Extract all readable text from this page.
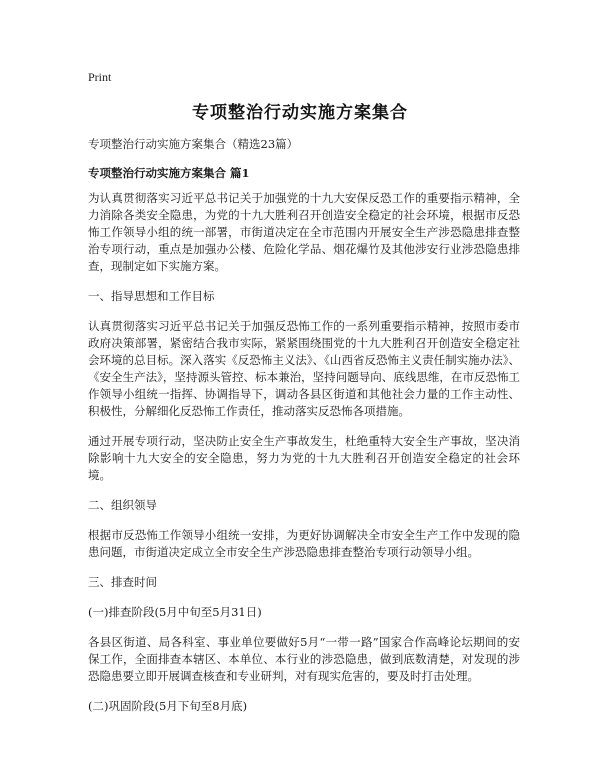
Print
专项整治行动实施方案集合

专项整治行动实施方案集合（精选23篇）

专项整治行动实施方案集合 篇1

为认真贯彻落实习近平总书记关于加强党的十九大安保反恐工作的重要指示精神，全力消除各类安全隐患，为党的十九大胜利召开创造安全稳定的社会环境，根据市反恐怖工作领导小组的统一部署，市街道决定在全市范围内开展安全生产涉恐隐患排查整治专项行动，重点是加强办公楼、危险化学品、烟花爆竹及其他涉安行业涉恐隐患排查，现制定如下实施方案。

一、指导思想和工作目标

认真贯彻落实习近平总书记关于加强反恐怖工作的一系列重要指示精神，按照市委市政府决策部署，紧密结合我市实际，紧紧围绕围党的十九大胜利召开创造安全稳定社会环境的总目标。深入落实《反恐怖主义法》、《山西省反恐怖主义责任制实施办法》、《安全生产法》，坚持源头管控、标本兼治，坚持问题导向、底线思维，在市反恐怖工作领导小组统一指挥、协调指导下，调动各县区街道和其他社会力量的工作主动性、积极性，分解细化反恐怖工作责任，推动落实反恐怖各项措施。

通过开展专项行动，坚决防止安全生产事故发生，杜绝重特大安全生产事故，坚决消除影响十九大安全的安全隐患，努力为党的十九大胜利召开创造安全稳定的社会环境。

二、组织领导

根据市反恐怖工作领导小组统一安排，为更好协调解决全市安全生产工作中发现的隐患问题，市街道决定成立全市安全生产涉恐隐患排查整治专项行动领导小组。

三、排查时间

(一)排查阶段(5月中旬至5月31日)

各县区街道、局各科室、事业单位要做好5月“一带一路”国家合作高峰论坛期间的安保工作，全面排查本辖区、本单位、本行业的涉恐隐患，做到底数清楚，对发现的涉恐隐患要立即开展调查核查和专业研判，对有现实危害的，要及时打击处理。

(二)巩固阶段(5月下旬至8月底)
